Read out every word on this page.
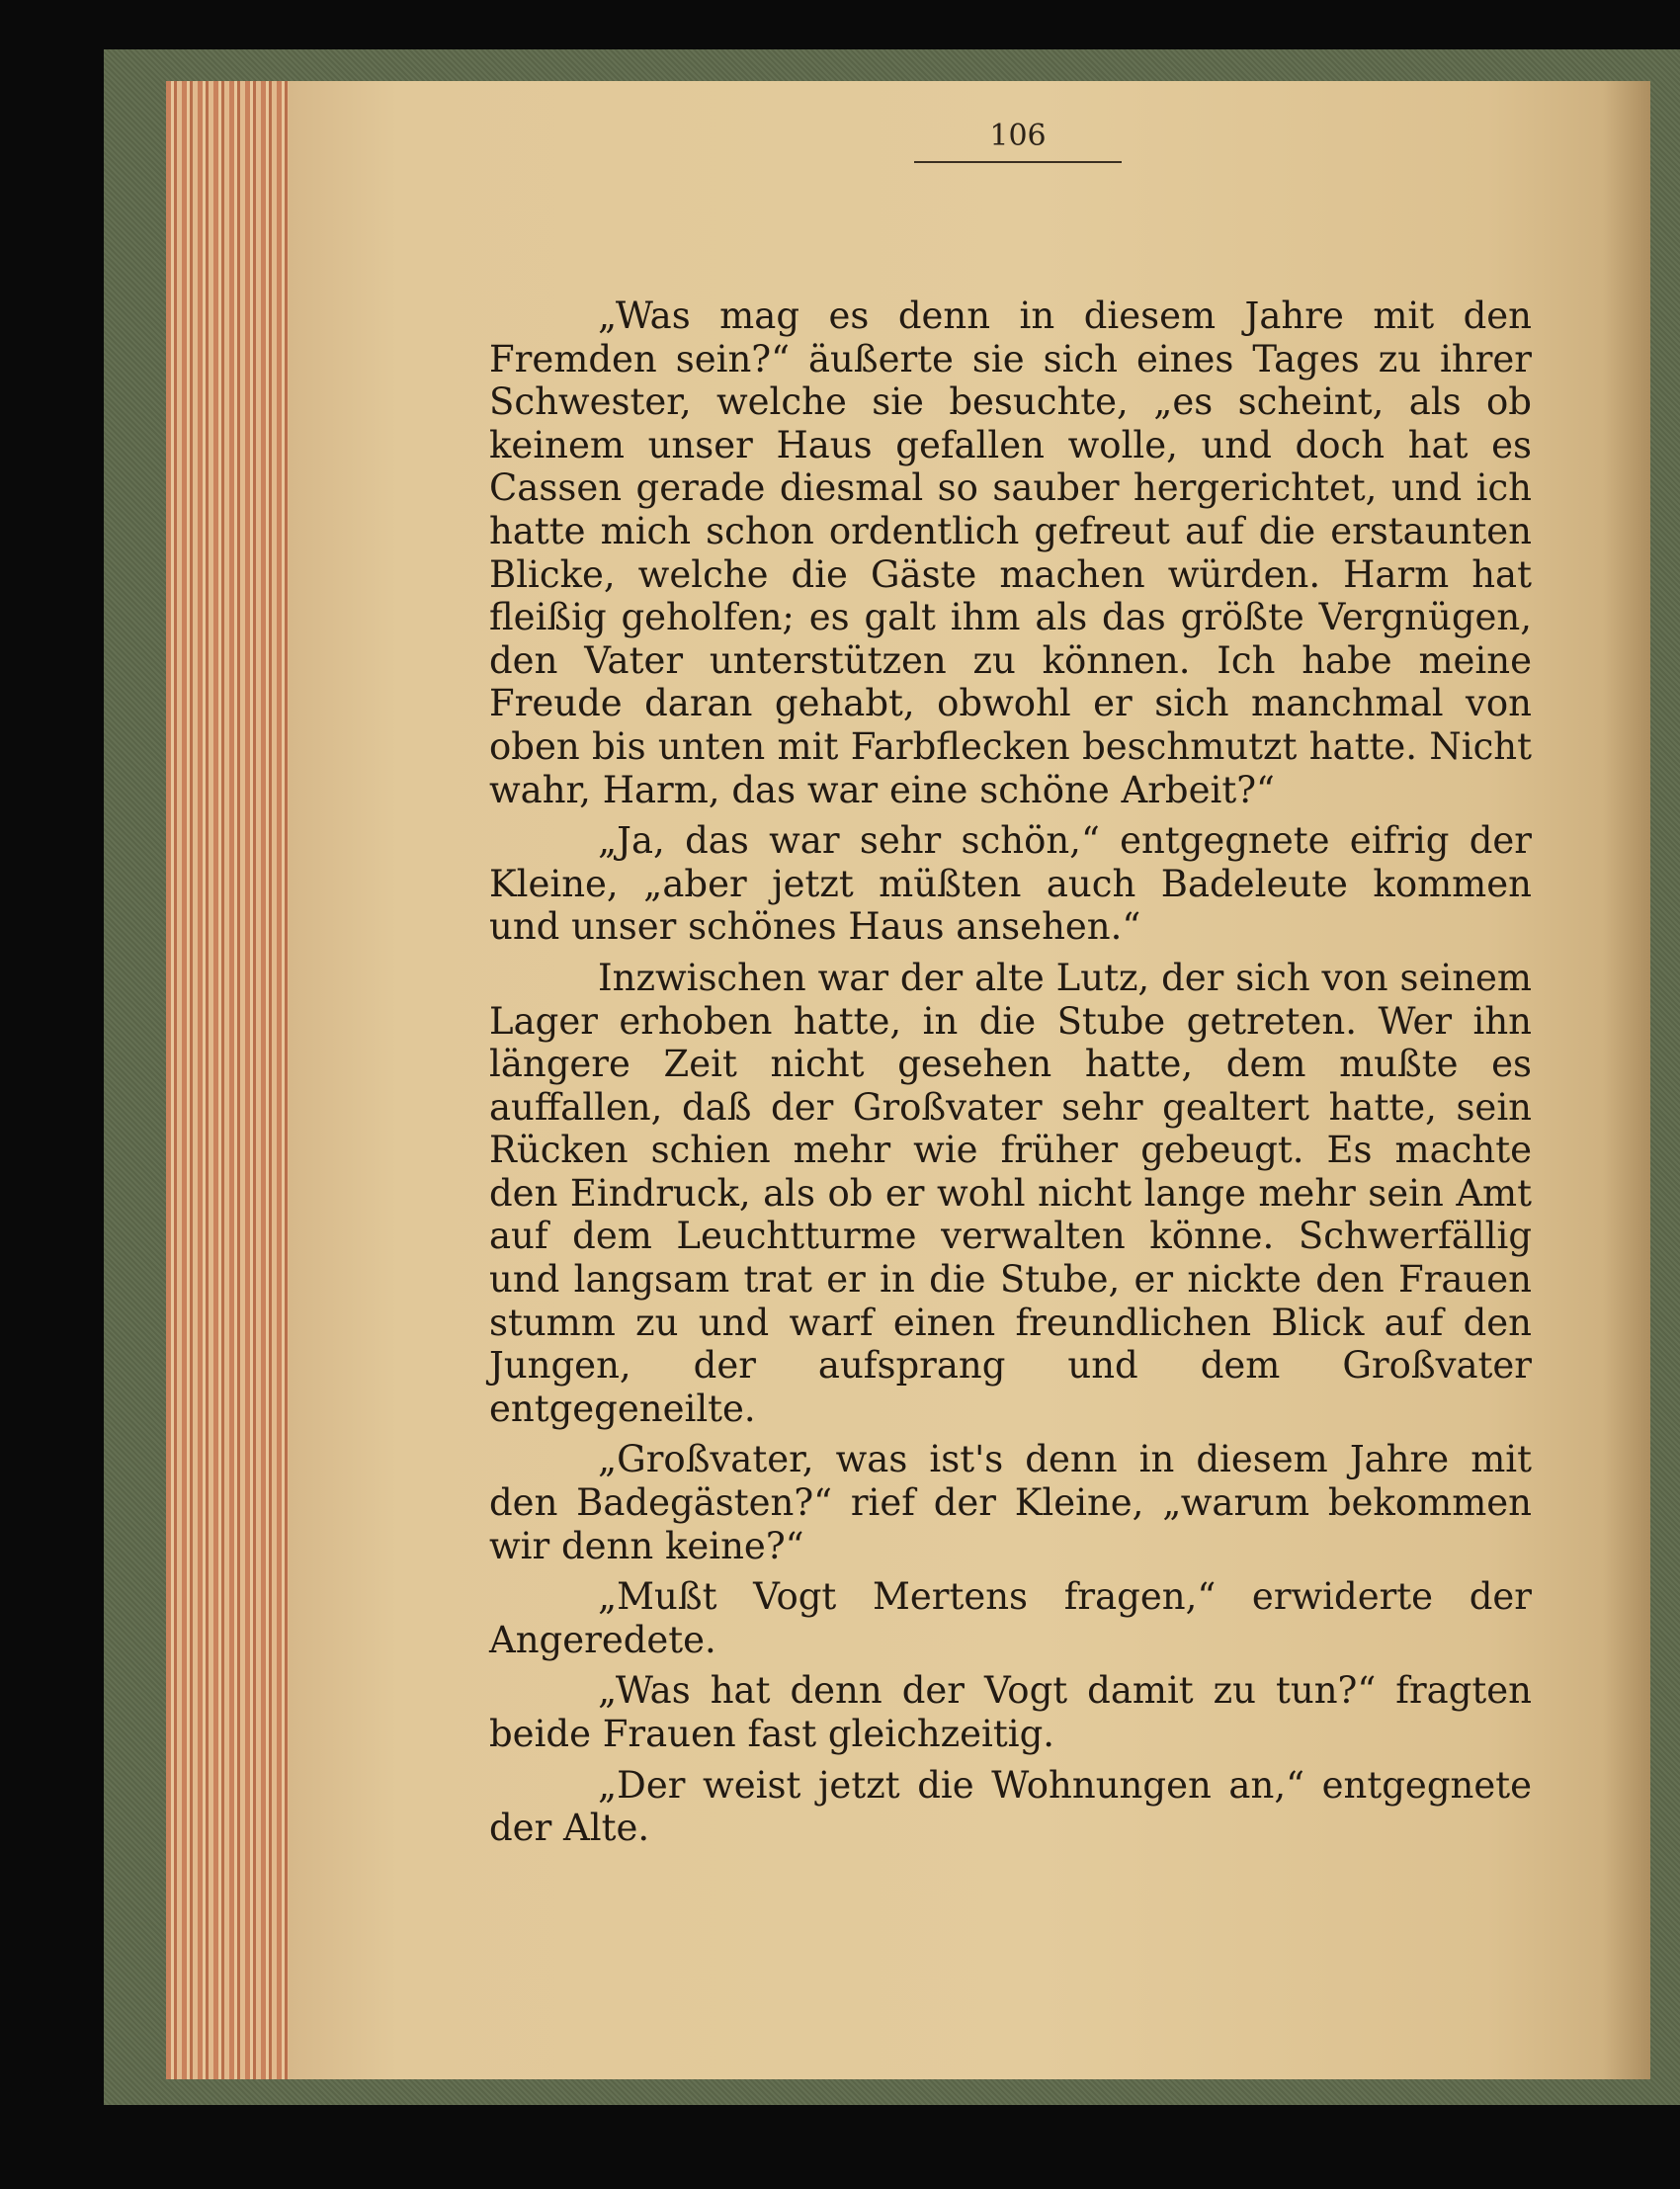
106

„Was mag es denn in diesem Jahre mit den Fremden sein?“ äußerte sie sich eines Tages zu ihrer Schwester, welche sie besuchte, „es scheint, als ob keinem unser Haus gefallen wolle, und doch hat es Cassen gerade diesmal so sauber hergerichtet, und ich hatte mich schon ordentlich gefreut auf die erstaunten Blicke, welche die Gäste machen würden. Harm hat fleißig geholfen; es galt ihm als das größte Vergnügen, den Vater unterstützen zu können. Ich habe meine Freude daran gehabt, obwohl er sich manchmal von oben bis unten mit Farbflecken beschmutzt hatte. Nicht wahr, Harm, das war eine schöne Arbeit?“

„Ja, das war sehr schön,“ entgegnete eifrig der Kleine, „aber jetzt müßten auch Badeleute kommen und unser schönes Haus ansehen.“

Inzwischen war der alte Lutz, der sich von seinem Lager erhoben hatte, in die Stube getreten. Wer ihn längere Zeit nicht gesehen hatte, dem mußte es auffallen, daß der Großvater sehr gealtert hatte, sein Rücken schien mehr wie früher gebeugt. Es machte den Eindruck, als ob er wohl nicht lange mehr sein Amt auf dem Leuchtturme verwalten könne. Schwerfällig und langsam trat er in die Stube, er nickte den Frauen stumm zu und warf einen freundlichen Blick auf den Jungen, der aufsprang und dem Großvater entgegeneilte.

„Großvater, was ist's denn in diesem Jahre mit den Badegästen?“ rief der Kleine, „warum bekommen wir denn keine?“

„Mußt Vogt Mertens fragen,“ erwiderte der Angeredete.

„Was hat denn der Vogt damit zu tun?“ fragten beide Frauen fast gleichzeitig.

„Der weist jetzt die Wohnungen an,“ entgegnete der Alte.
